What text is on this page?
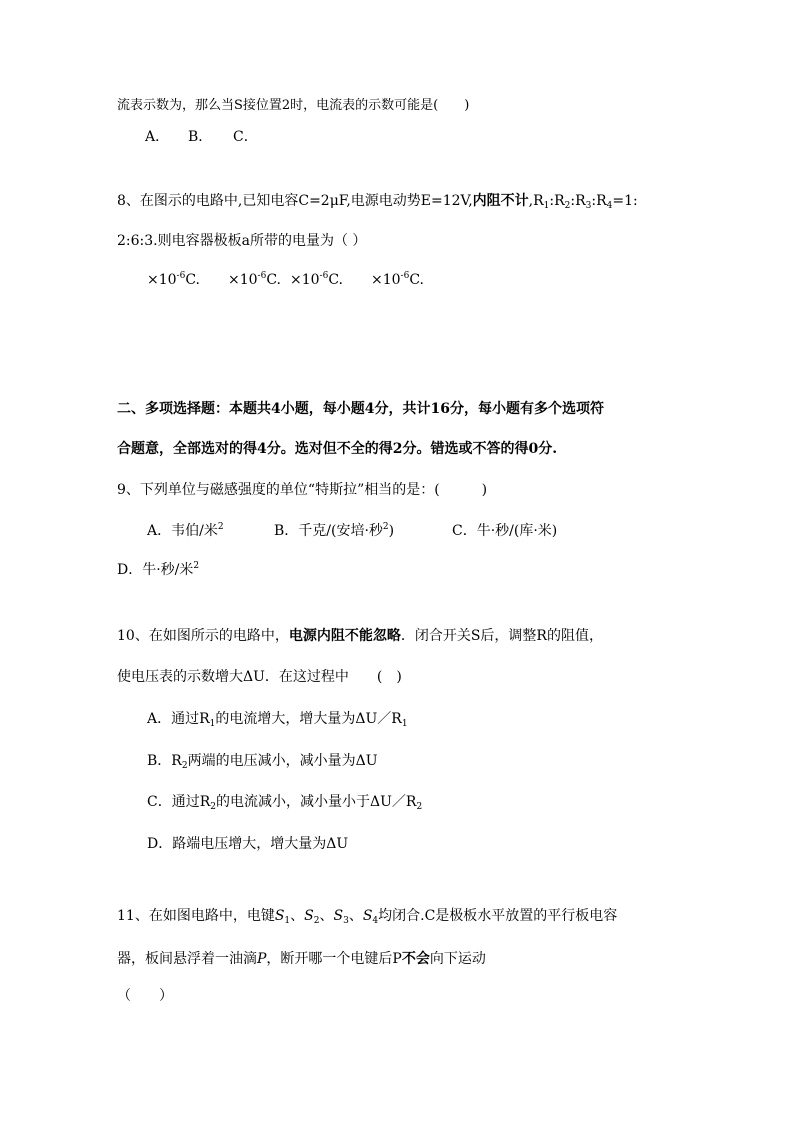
流表示数为，那么当S接位置2时，电流表的示数可能是(　　)
A． B． C．
8、在图示的电路中,已知电容C=2μF,电源电动势E=12V,内阻不计$,R_1:R_2:R_3:R_4=1$:
2:6:3.则电容器极板a所带的电量为（ ）
$\times 10^{-6}C$. $\times 10^{-6}C$. $\times 10^{-6}C$. $\times 10^{-6}C$.
二、多项选择题：本题共4小题，每小题4分，共计16分，每小题有多个选项符
合题意，全部选对的得4分。选对但不全的得2分。错选或不答的得0分.
9、下列单位与磁感强度的单位“特斯拉”相当的是：(　　　)
A．韦伯/米$^2$	B．千克/(安培·秒$^2$)	C．牛·秒/(库·米)
D．牛·秒/米$^2$
10、在如图所示的电路中，电源内阻不能忽略．闭合开关S后，调整R的阻值，
使电压表的示数增大ΔU．在这过程中　　(　)
A．通过$R_1$的电流增大，增大量为$\Delta U/R_1$
B．$R_2$两端的电压减小，减小量为ΔU
C．通过$R_2$的电流减小，减小量小于$\Delta U/R_2$
D．路端电压增大，增大量为ΔU
11、在如图电路中，电键$S_1$、$S_2$、$S_3$、$S_4$均闭合.C是极板水平放置的平行板电容
器，板间悬浮着一油滴P，断开哪一个电键后P不会向下运动
（　　）
